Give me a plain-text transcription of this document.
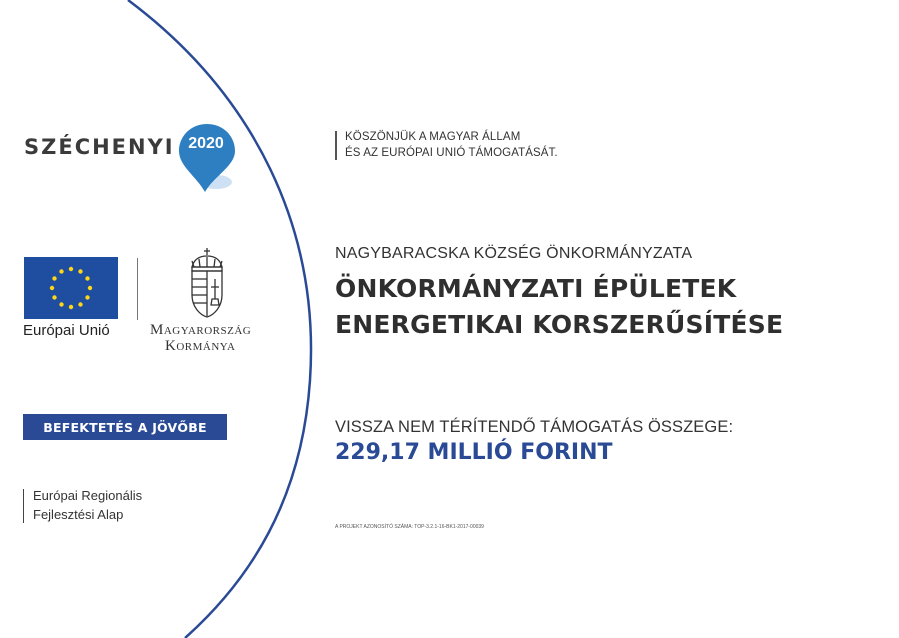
SZÉCHENYI 2020
Európai Unió	Magyarország
Kormánya
BEFEKTETÉS A JÖVŐBE
Európai Regionális
Fejlesztési Alap
KÖSZÖNJÜK A MAGYAR ÁLLAM
ÉS AZ EURÓPAI UNIÓ TÁMOGATÁSÁT.
NAGYBARACSKA KÖZSÉG ÖNKORMÁNYZATA
ÖNKORMÁNYZATI ÉPÜLETEK
ENERGETIKAI KORSZERŰSÍTÉSE
VISSZA NEM TÉRÍTENDŐ TÁMOGATÁS ÖSSZEGE:
229,17 MILLIÓ FORINT
A PROJEKT AZONOSÍTÓ SZÁMA: TOP-3.2.1-16-BK1-2017-00039
